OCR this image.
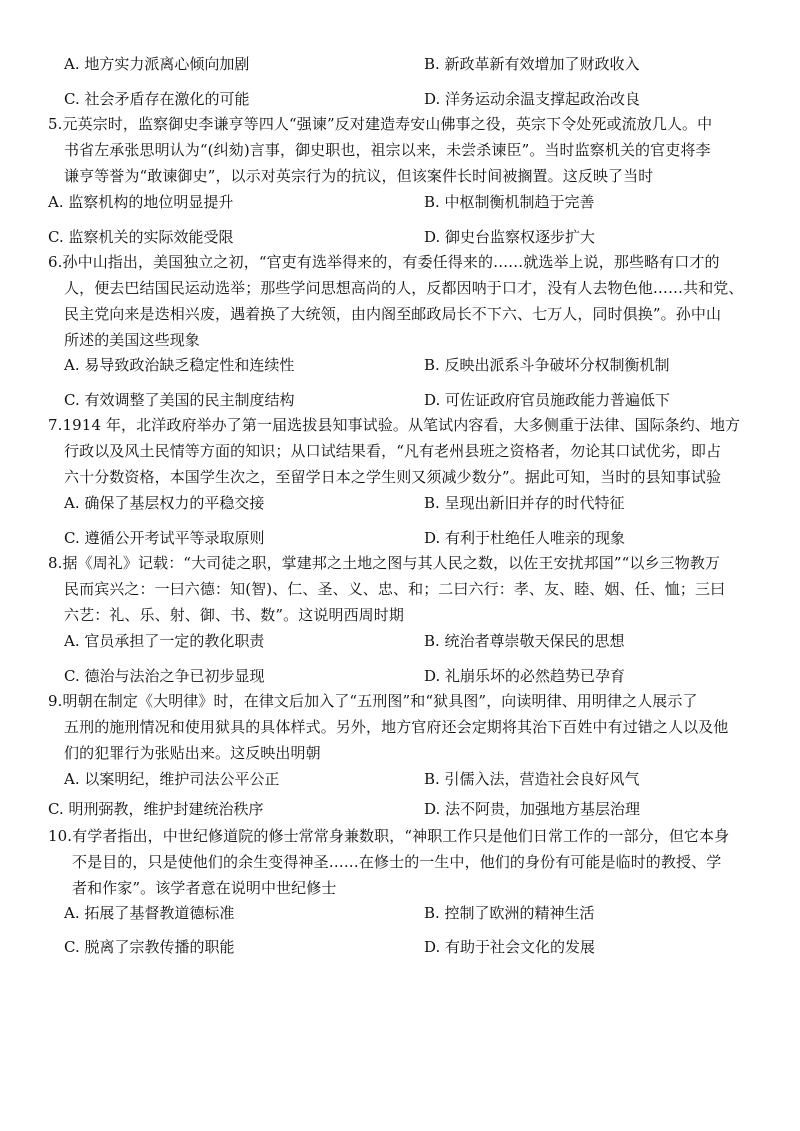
A. 地方实力派离心倾向加剧	B. 新政革新有效增加了财政收入
C. 社会矛盾存在激化的可能	D. 洋务运动余温支撑起政治改良
5.元英宗时，监察御史李谦亨等四人“强谏”反对建造寿安山佛事之役，英宗下令处死或流放几人。中
书省左承张思明认为“(纠劾)言事，御史职也，祖宗以来，未尝杀谏臣”。当时监察机关的官吏将李
谦亨等誉为“敢谏御史”，以示对英宗行为的抗议，但该案件长时间被搁置。这反映了当时
A. 监察机构的地位明显提升	B. 中枢制衡机制趋于完善
C. 监察机关的实际效能受限	D. 御史台监察权逐步扩大
6.孙中山指出，美国独立之初，“官吏有选举得来的，有委任得来的……就选举上说，那些略有口才的
人，便去巴结国民运动选举；那些学问思想高尚的人，反都因呐于口才，没有人去物色他……共和党、
民主党向来是迭相兴废，遇着换了大统领，由内阁至邮政局长不下六、七万人，同时俱换”。孙中山
所述的美国这些现象
A. 易导致政治缺乏稳定性和连续性	B. 反映出派系斗争破坏分权制衡机制
C. 有效调整了美国的民主制度结构	D. 可佐证政府官员施政能力普遍低下
7.1914 年，北洋政府举办了第一届选拔县知事试验。从笔试内容看，大多侧重于法律、国际条约、地方
行政以及风土民情等方面的知识；从口试结果看，“凡有老州县班之资格者，勿论其口试优劣，即占
六十分数资格，本国学生次之，至留学日本之学生则又须减少数分”。据此可知，当时的县知事试验
A. 确保了基层权力的平稳交接	B. 呈现出新旧并存的时代特征
C. 遵循公开考试平等录取原则	D. 有利于杜绝任人唯亲的现象
8.据《周礼》记载：“大司徒之职，掌建邦之土地之图与其人民之数，以佐王安扰邦国”“以乡三物教万
民而宾兴之：一曰六德：知(智)、仁、圣、义、忠、和；二曰六行：孝、友、睦、姻、任、恤；三曰
六艺：礼、乐、射、御、书、数”。这说明西周时期
A. 官员承担了一定的教化职责	B. 统治者尊崇敬天保民的思想
C. 德治与法治之争已初步显现	D. 礼崩乐坏的必然趋势已孕育
9.明朝在制定《大明律》时，在律文后加入了“五刑图”和“狱具图”，向读明律、用明律之人展示了
五刑的施刑情况和使用狱具的具体样式。另外，地方官府还会定期将其治下百姓中有过错之人以及他
们的犯罪行为张贴出来。这反映出明朝
A. 以案明纪，维护司法公平公正	B. 引儒入法，营造社会良好风气
C. 明刑弼教，维护封建统治秩序	D. 法不阿贵，加强地方基层治理
10.有学者指出，中世纪修道院的修士常常身兼数职，“神职工作只是他们日常工作的一部分，但它本身
不是目的，只是使他们的余生变得神圣……在修士的一生中，他们的身份有可能是临时的教授、学
者和作家”。该学者意在说明中世纪修士
A. 拓展了基督教道德标准	B. 控制了欧洲的精神生活
C. 脱离了宗教传播的职能	D. 有助于社会文化的发展
